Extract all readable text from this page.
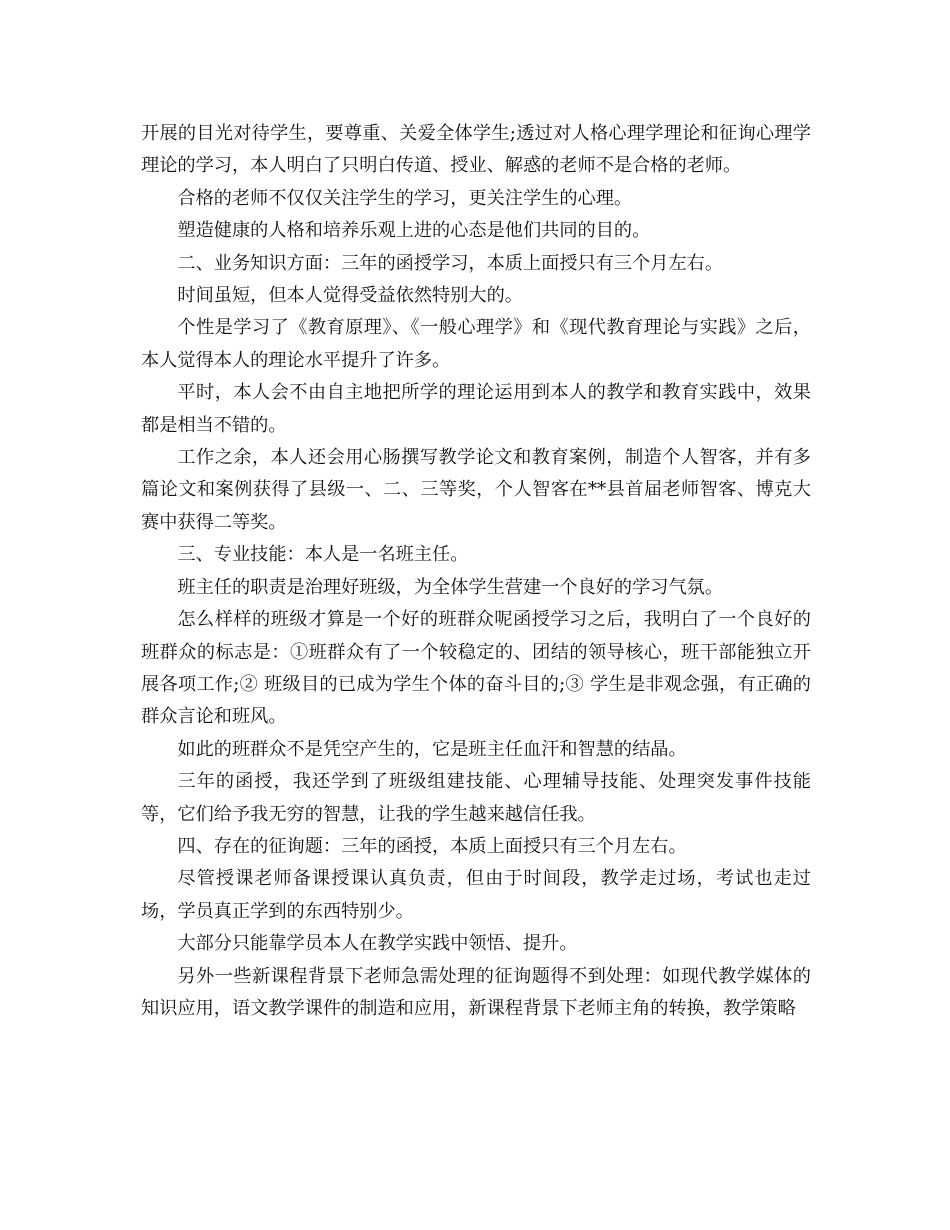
开展的目光对待学生，要尊重、关爱全体学生;透过对人格心理学理论和征询心理学理论的学习，本人明白了只明白传道、授业、解惑的老师不是合格的老师。

合格的老师不仅仅关注学生的学习，更关注学生的心理。

塑造健康的人格和培养乐观上进的心态是他们共同的目的。

二、业务知识方面：三年的函授学习，本质上面授只有三个月左右。

时间虽短，但本人觉得受益依然特别大的。

个性是学习了《教育原理》、《一般心理学》和《现代教育理论与实践》之后，本人觉得本人的理论水平提升了许多。

平时，本人会不由自主地把所学的理论运用到本人的教学和教育实践中，效果都是相当不错的。

工作之余，本人还会用心肠撰写教学论文和教育案例，制造个人智客，并有多篇论文和案例获得了县级一、二、三等奖，个人智客在**县首届老师智客、博克大赛中获得二等奖。

三、专业技能：本人是一名班主任。

班主任的职责是治理好班级，为全体学生营建一个良好的学习气氛。

怎么样样的班级才算是一个好的班群众呢函授学习之后，我明白了一个良好的班群众的标志是：①班群众有了一个较稳定的、团结的领导核心，班干部能独立开展各项工作;② 班级目的已成为学生个体的奋斗目的;③ 学生是非观念强，有正确的群众言论和班风。

如此的班群众不是凭空产生的，它是班主任血汗和智慧的结晶。

三年的函授，我还学到了班级组建技能、心理辅导技能、处理突发事件技能等，它们给予我无穷的智慧，让我的学生越来越信任我。

四、存在的征询题：三年的函授，本质上面授只有三个月左右。

尽管授课老师备课授课认真负责，但由于时间段，教学走过场，考试也走过场，学员真正学到的东西特别少。

大部分只能靠学员本人在教学实践中领悟、提升。

另外一些新课程背景下老师急需处理的征询题得不到处理：如现代教学媒体的知识应用，语文教学课件的制造和应用，新课程背景下老师主角的转换，教学策略
